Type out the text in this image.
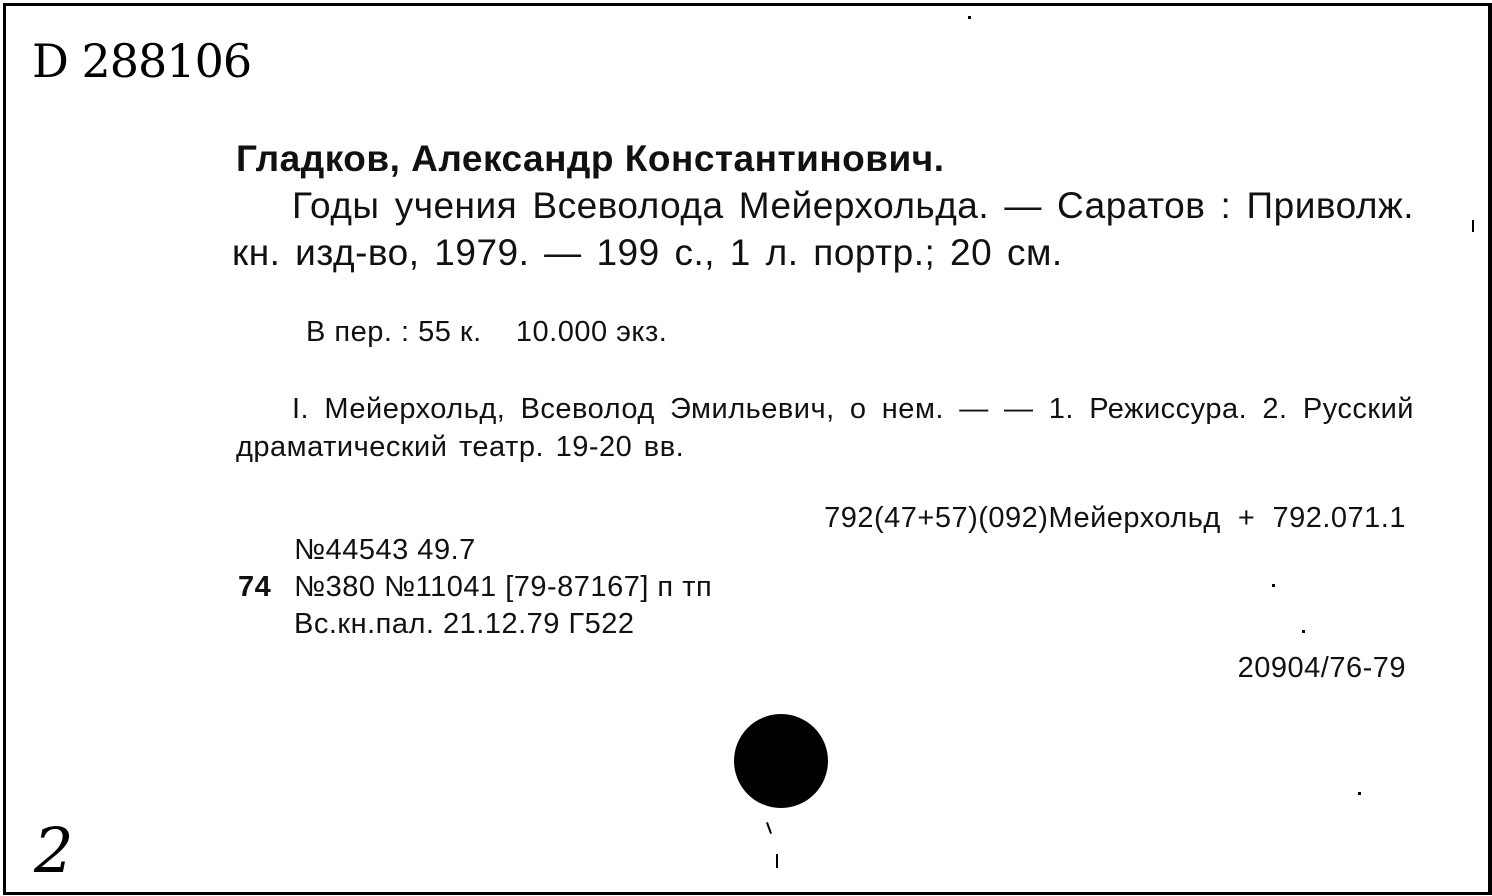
D 288106
Гладков, Александр Константинович.
Годы учения Всеволода Мейерхольда. — Саратов : Приволж. кн. изд-во, 1979. — 199 с., 1 л. портр.; 20 см.
В пер. : 55 к.    10.000 экз.
I. Мейерхольд, Всеволод Эмильевич, о нем. — — 1. Режиссура. 2. Русский драматический театр. 19-20 вв.
792(47+57)(092)Мейерхольд  +  792.071.1
№44543 49.7
74 №380 №11041 [79-87167] п тп
Вс.кн.пал. 21.12.79 Г522
20904/76-79
2
